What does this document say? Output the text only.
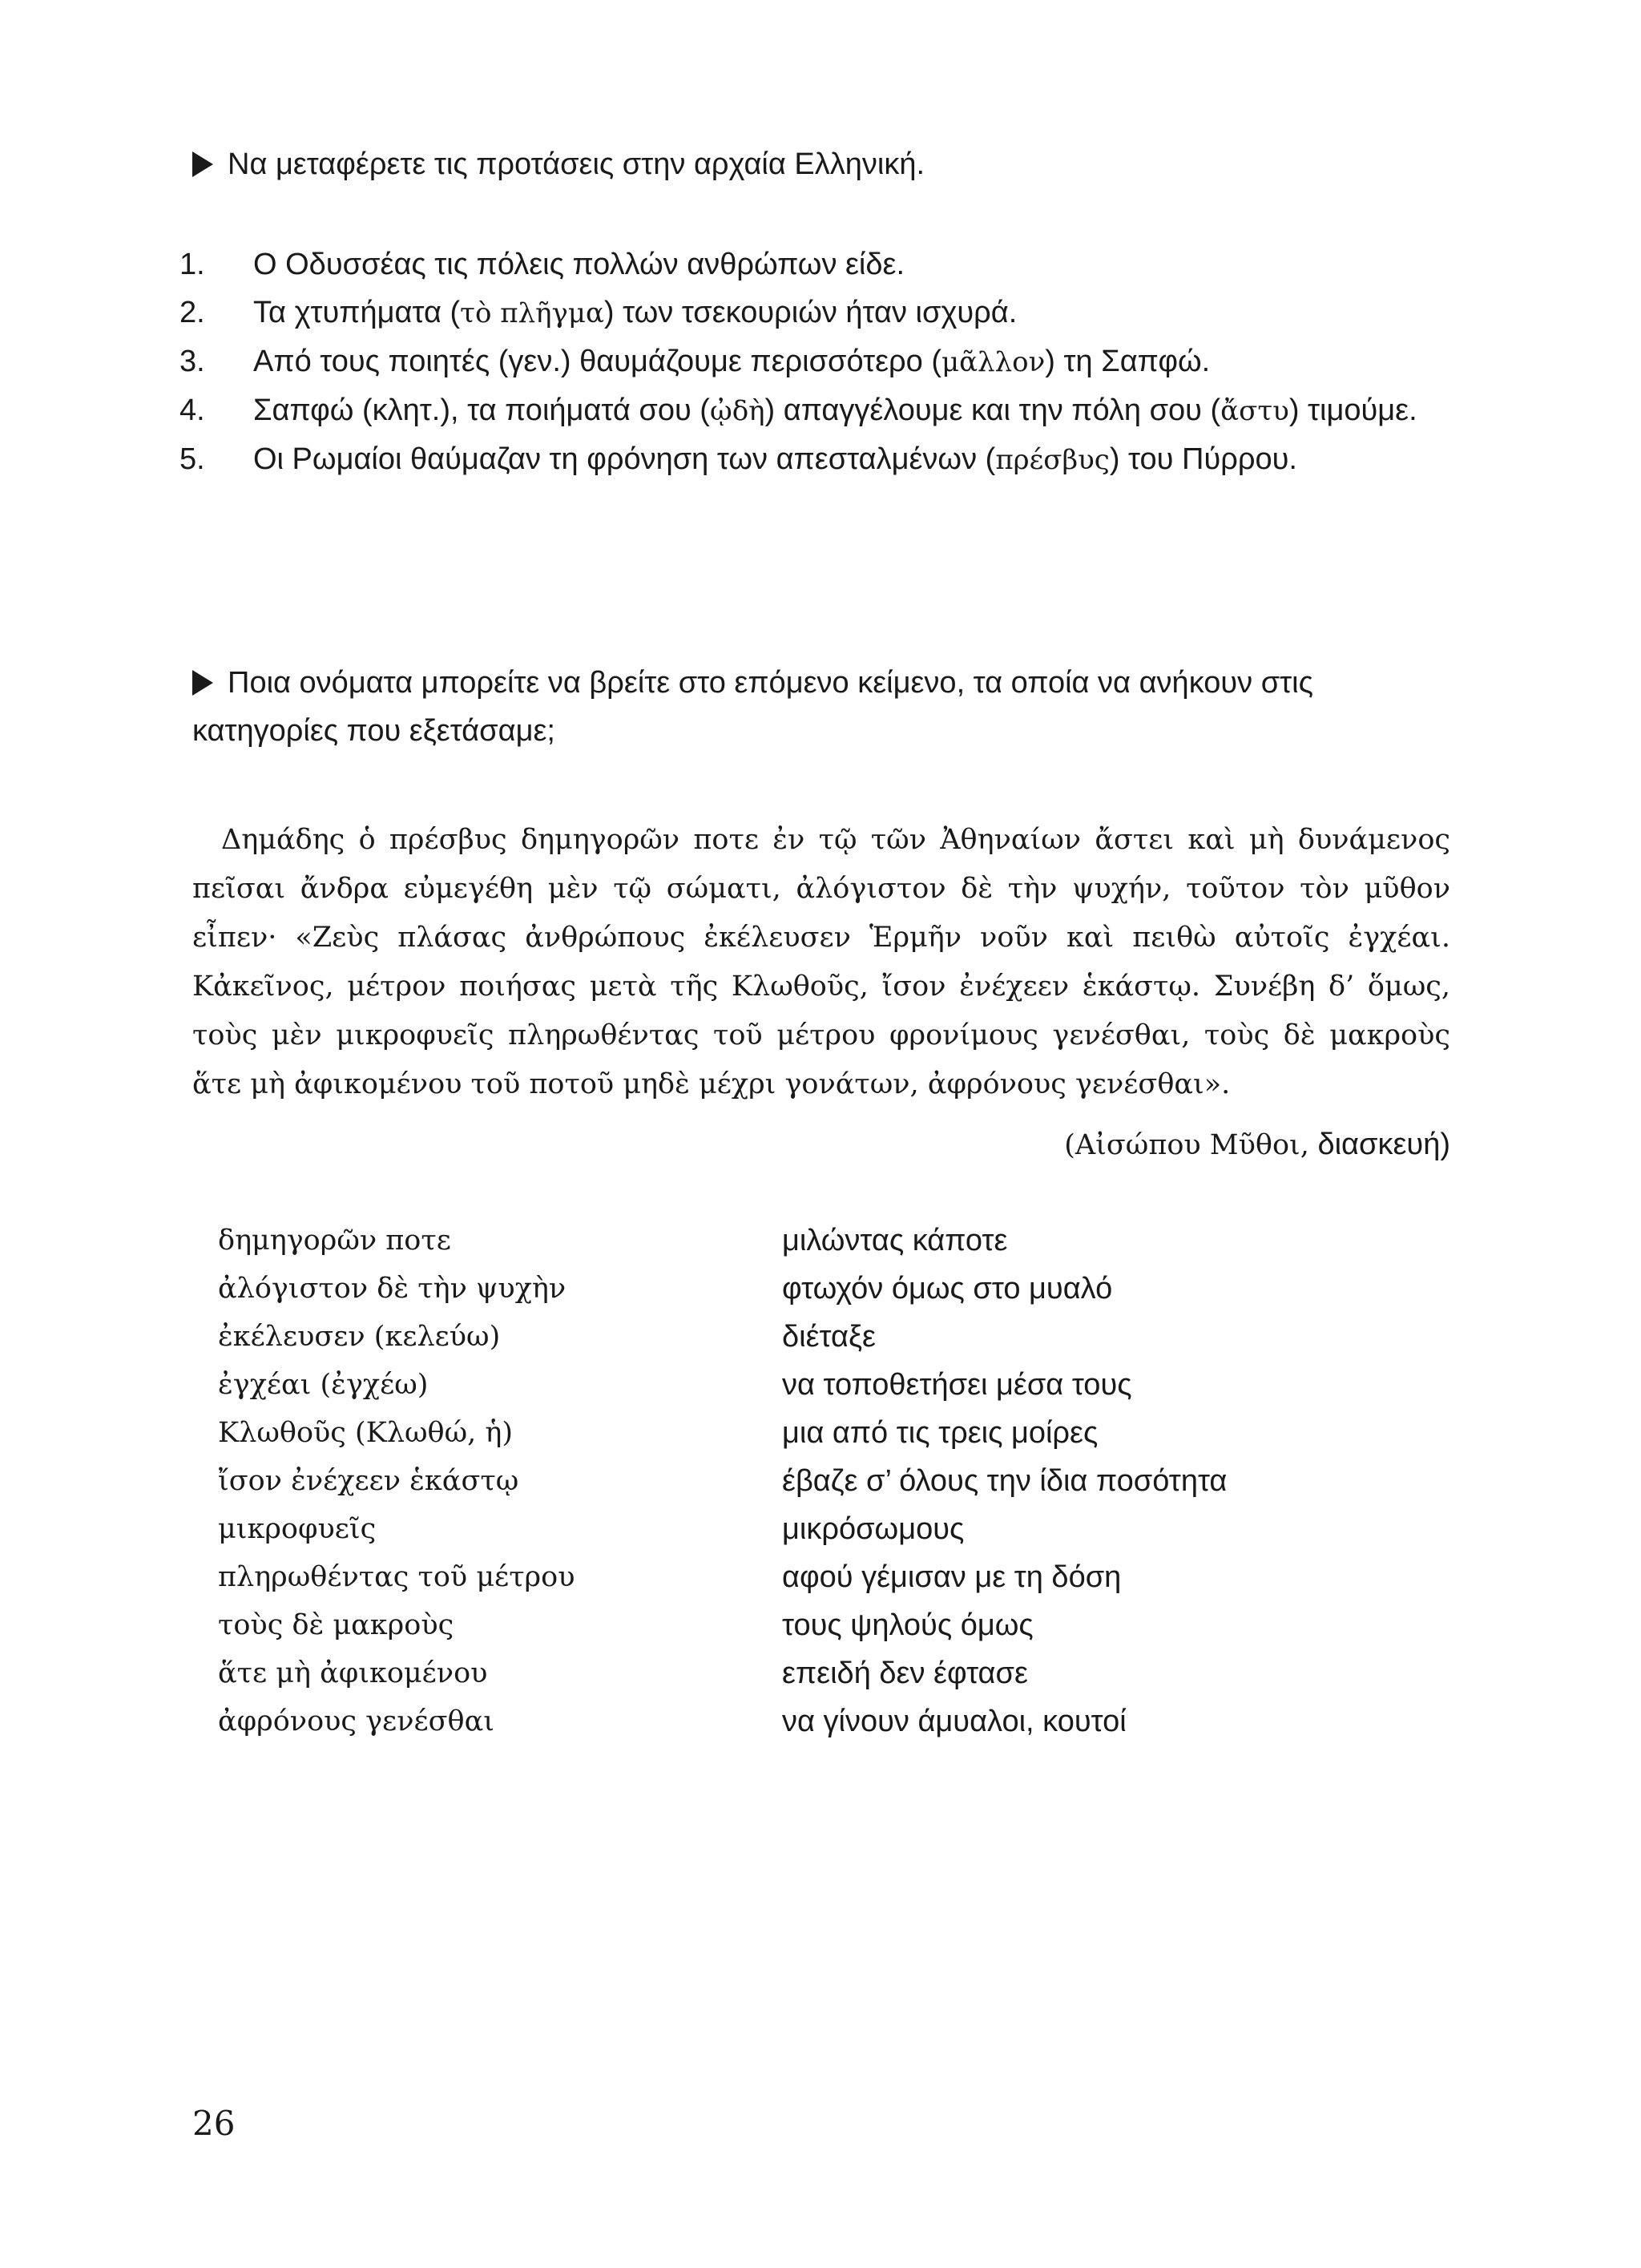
Να μεταφέρετε τις προτάσεις στην αρχαία Ελληνική.
1. Ο Οδυσσέας τις πόλεις πολλών ανθρώπων είδε.
2. Τα χτυπήματα (τὸ πλῆγμα) των τσεκουριών ήταν ισχυρά.
3. Από τους ποιητές (γεν.) θαυμάζουμε περισσότερο (μᾶλλον) τη Σαπφώ.
4. Σαπφώ (κλητ.), τα ποιήματά σου (ᾠδὴ) απαγγέλουμε και την πόλη σου (ἄστυ) τιμούμε.
5. Οι Ρωμαίοι θαύμαζαν τη φρόνηση των απεσταλμένων (πρέσβυς) του Πύρρου.
Ποια ονόματα μπορείτε να βρείτε στο επόμενο κείμενο, τα οποία να ανήκουν στις κατηγορίες που εξετάσαμε;

Δημάδης ὁ πρέσβυς δημηγορῶν ποτε ἐν τῷ τῶν Ἀθηναίων ἄστει καὶ μὴ δυνάμενος πεῖσαι ἄνδρα εὐμεγέθη μὲν τῷ σώματι, ἀλόγιστον δὲ τὴν ψυχήν, τοῦτον τὸν μῦθον εἶπεν· «Ζεὺς πλάσας ἀνθρώπους ἐκέλευσεν Ἑρμῆν νοῦν καὶ πειθὼ αὐτοῖς ἐγχέαι. Κἀκεῖνος, μέτρον ποιήσας μετὰ τῆς Κλωθοῦς, ἴσον ἐνέχεεν ἑκάστῳ. Συνέβη δ’ ὅμως, τοὺς μὲν μικροφυεῖς πληρωθέντας τοῦ μέτρου φρονίμους γενέσθαι, τοὺς δὲ μακροὺς ἅτε μὴ ἀφικομένου τοῦ ποτοῦ μηδὲ μέχρι γονάτων, ἀφρόνους γενέσθαι».

(Αἰσώπου Μῦθοι, διασκευή)
δημηγορῶν ποτε	μιλώντας κάποτε
ἀλόγιστον δὲ τὴν ψυχὴν	φτωχόν όμως στο μυαλό
ἐκέλευσεν (κελεύω)	διέταξε
ἐγχέαι (ἐγχέω)	να τοποθετήσει μέσα τους
Κλωθοῦς (Κλωθώ, ἡ)	μια από τις τρεις μοίρες
ἴσον ἐνέχεεν ἑκάστῳ	έβαζε σ’ όλους την ίδια ποσότητα
μικροφυεῖς	μικρόσωμους
πληρωθέντας τοῦ μέτρου	αφού γέμισαν με τη δόση
τοὺς δὲ μακροὺς	τους ψηλούς όμως
ἅτε μὴ ἀφικομένου	επειδή δεν έφτασε
ἀφρόνους γενέσθαι	να γίνουν άμυαλοι, κουτοί
26
